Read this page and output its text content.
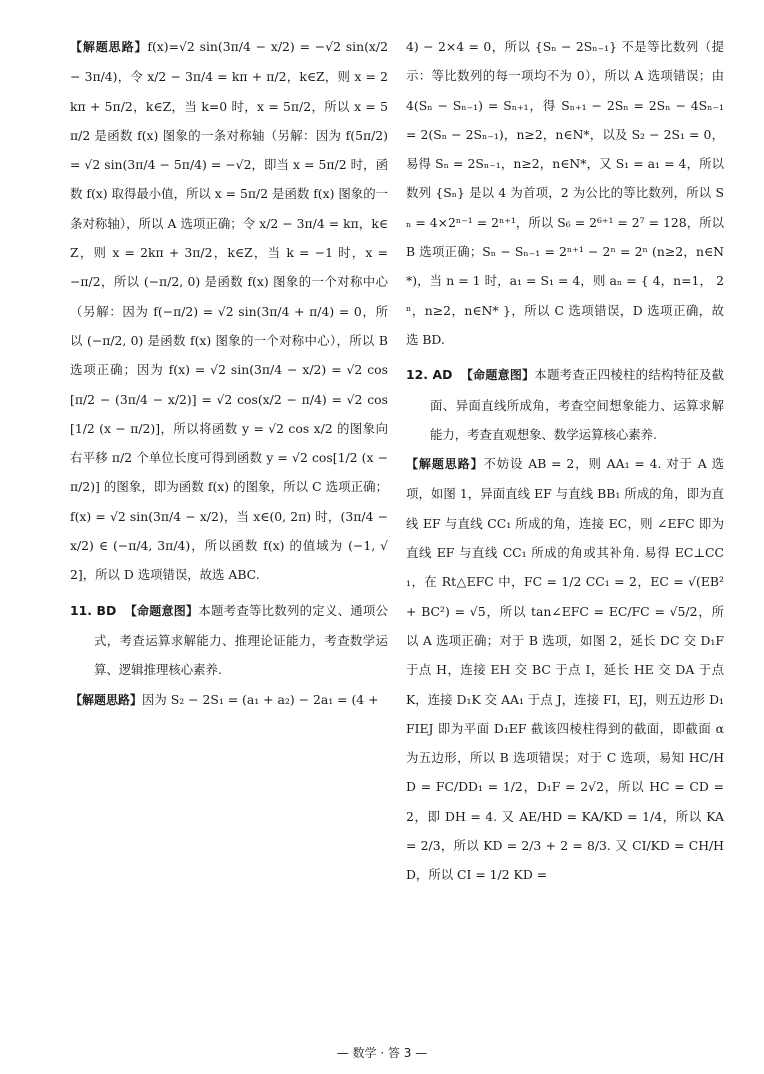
【解题思路】f(x)=√2 sin(3π/4 − x/2) = −√2 sin(x/2 − 3π/4)，令 x/2 − 3π/4 = kπ + π/2，k∈Z，则 x = 2kπ + 5π/2，k∈Z，当 k=0 时，x = 5π/2，所以 x = 5π/2 是函数 f(x) 图象的一条对称轴（另解：因为 f(5π/2) = √2 sin(3π/4 − 5π/4) = −√2，即当 x = 5π/2 时，函数 f(x) 取得最小值，所以 x = 5π/2 是函数 f(x) 图象的一条对称轴），所以 A 选项正确；令 x/2 − 3π/4 = kπ，k∈Z，则 x = 2kπ + 3π/2，k∈Z，当 k = −1 时，x = −π/2，所以 (−π/2, 0) 是函数 f(x) 图象的一个对称中心（另解：因为 f(−π/2) = √2 sin(3π/4 + π/4) = 0，所以 (−π/2, 0) 是函数 f(x) 图象的一个对称中心），所以 B 选项正确；因为 f(x) = √2 sin(3π/4 − x/2) = √2 cos[π/2 − (3π/4 − x/2)] = √2 cos(x/2 − π/4) = √2 cos[1/2 (x − π/2)]，所以将函数 y = √2 cos x/2 的图象向右平移 π/2 个单位长度可得到函数 y = √2 cos[1/2 (x − π/2)] 的图象，即为函数 f(x) 的图象，所以 C 选项正确；f(x) = √2 sin(3π/4 − x/2)，当 x∈(0, 2π) 时，(3π/4 − x/2) ∈ (−π/4, 3π/4)，所以函数 f(x) 的值域为 (−1, √2]，所以 D 选项错误，故选 ABC.

11. BD 【命题意图】本题考查等比数列的定义、通项公式，考查运算求解能力、推理论证能力，考查数学运算、逻辑推理核心素养.

【解题思路】因为 S₂ − 2S₁ = (a₁ + a₂) − 2a₁ = (4 +

4) − 2×4 = 0，所以 {Sₙ − 2Sₙ₋₁} 不是等比数列（提示：等比数列的每一项均不为 0），所以 A 选项错误；由 4(Sₙ − Sₙ₋₁) = Sₙ₊₁，得 Sₙ₊₁ − 2Sₙ = 2Sₙ − 4Sₙ₋₁ = 2(Sₙ − 2Sₙ₋₁)，n≥2，n∈N*，以及 S₂ − 2S₁ = 0，易得 Sₙ = 2Sₙ₋₁，n≥2，n∈N*，又 S₁ = a₁ = 4，所以数列 {Sₙ} 是以 4 为首项，2 为公比的等比数列，所以 Sₙ = 4×2ⁿ⁻¹ = 2ⁿ⁺¹，所以 S₆ = 2⁶⁺¹ = 2⁷ = 128，所以 B 选项正确；Sₙ − Sₙ₋₁ = 2ⁿ⁺¹ − 2ⁿ = 2ⁿ (n≥2，n∈N*)，当 n = 1 时，a₁ = S₁ = 4，则 aₙ = { 4，n=1， 2ⁿ，n≥2，n∈N* }，所以 C 选项错误，D 选项正确，故选 BD.

12. AD 【命题意图】本题考查正四棱柱的结构特征及截面、异面直线所成角，考查空间想象能力、运算求解能力，考查直观想象、数学运算核心素养.

【解题思路】不妨设 AB = 2，则 AA₁ = 4. 对于 A 选项，如图 1，异面直线 EF 与直线 BB₁ 所成的角，即为直线 EF 与直线 CC₁ 所成的角，连接 EC，则 ∠EFC 即为直线 EF 与直线 CC₁ 所成的角或其补角. 易得 EC⊥CC₁，在 Rt△EFC 中，FC = 1/2 CC₁ = 2，EC = √(EB² + BC²) = √5，所以 tan∠EFC = EC/FC = √5/2，所以 A 选项正确；对于 B 选项，如图 2，延长 DC 交 D₁F 于点 H，连接 EH 交 BC 于点 I，延长 HE 交 DA 于点 K，连接 D₁K 交 AA₁ 于点 J，连接 FI，EJ，则五边形 D₁FIEJ 即为平面 D₁EF 截该四棱柱得到的截面，即截面 α 为五边形，所以 B 选项错误；对于 C 选项，易知 HC/HD = FC/DD₁ = 1/2，D₁F = 2√2，所以 HC = CD = 2，即 DH = 4. 又 AE/HD = KA/KD = 1/4，所以 KA = 2/3，所以 KD = 2/3 + 2 = 8/3. 又 CI/KD = CH/HD，所以 CI = 1/2 KD =

— 数学 · 答 3 —
